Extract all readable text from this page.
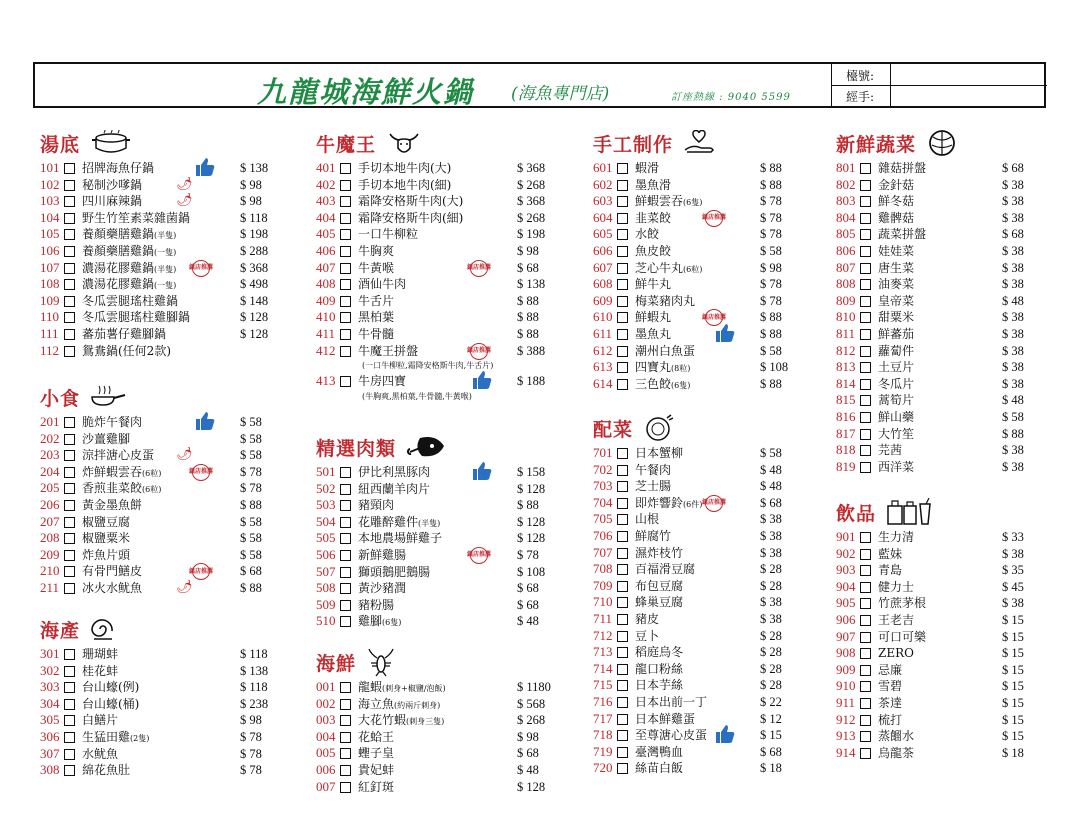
九龍城海鮮火鍋 (海魚專門店)	訂座熱線 : 9040 5599
檯號:
經手:
湯底
101 招牌海魚仔鍋	$ 138
102 秘制沙嗲鍋	🌶	$ 98
103 四川麻辣鍋	🌶	$ 98
104 野生竹笙素菜雜菌鍋	$ 118
105 養顏藥膳雞鍋(半隻)	$ 198
106 養顏藥膳雞鍋(一隻)	$ 288
107 濃湯花膠雞鍋(半隻) 鎮店推薦 $ 368
108 濃湯花膠雞鍋(一隻)	$ 498
109 冬瓜雲腿瑤柱雞鍋	$ 148
110 冬瓜雲腿瑤柱雞腳鍋	$ 128
111 蕃茄薯仔雞腳鍋	$ 128
112 鴛鴦鍋(任何2款)
小食
201 脆炸午餐肉	$ 58
202 沙薑雞腳	$ 58
203 涼拌溏心皮蛋 🌶	$ 58
204 炸鮮蝦雲吞(6粒)	鎮店推薦 $ 78
205 香煎韭菜餃(6粒)	$ 78
206 黃金墨魚餅	$ 88
207 椒鹽豆腐	$ 58
208 椒鹽粟米	$ 58
209 炸魚片頭	$ 58
210 有骨門鱔皮	鎮店推薦 $ 68
211 冰火水鱿魚	🌶	$ 88
海產
301 珊瑚蚌	$ 118
302 桂花蚌	$ 138
303 台山蠔(例)	$ 118
304 台山蠔(桶)	$ 238
305 白鱔片	$ 98
306 生猛田雞(2隻)	$ 78
307 水鱿魚	$ 78
308 綿花魚肚	$ 78
牛魔王
401 手切本地牛肉(大)	$ 368
402 手切本地牛肉(細)	$ 268
403 霜降安格斯牛肉(大)	$ 368
404 霜降安格斯牛肉(細)	$ 268
405 一口牛柳粒	$ 198
406 牛胸爽	$ 98
407 牛黃喉	鎮店推薦 $ 68
408 酒仙牛肉	$ 138
409 牛舌片	$ 88
410 黑柏葉	$ 88
411 牛骨髓	$ 88
412 牛魔王拼盤	鎮店推薦 $ 388
(一口牛柳粒,霜降安格斯牛肉,牛舌片)
413 牛房四寶	$ 188
(牛胸爽,黑柏葉,牛骨髓,牛黃喉)
精選肉類
501 伊比利黑豚肉	$ 158
502 紐西蘭羊肉片	$ 128
503 豬頸肉	$ 88
504 花雕醉雞件(半隻)	$ 128
505 本地農場鮮雞子	$ 128
506 新鮮雞腸	鎮店推薦 $ 78
507 獅頭鵝肥鵝腸	$ 108
508 黃沙豬潤	$ 68
509 豬粉腸	$ 68
510 雞腳(6隻)	$ 48
海鮮
001 龍蝦(刺身+椒鹽/泡飯)	$ 1180
002 海立魚(約兩斤刺身)	$ 568
003 大花竹蝦(刺身三隻)	$ 268
004 花蛤王	$ 98
005 蟶子皇	$ 68
006 貴妃蚌	$ 48
007 紅釘斑	$ 128
手工制作
601 蝦滑	$ 88
602 墨魚滑	$ 88
603 鮮蝦雲吞(6隻)	$ 78
604 韭菜餃	鎮店推薦	$ 78
605 水餃	$ 78
606 魚皮餃	$ 58
607 芝心牛丸(6粒)	$ 98
608 鮮牛丸	$ 78
609 梅菜豬肉丸	$ 78
610 鮮蝦丸	鎮店推薦	$ 88
611 墨魚丸	$ 88
612 潮州白魚蛋	$ 58
613 四寶丸(8粒)	$ 108
614 三色餃(6隻)	$ 88
配菜
701 日本蟹柳	$ 58
702 午餐肉	$ 48
703 芝士腸	$ 48
704 即炸響鈴(6件) 鎮店推薦	$ 68
705 山根	$ 38
706 鮮腐竹	$ 38
707 濕炸枝竹	$ 38
708 百福滑豆腐	$ 28
709 布包豆腐	$ 28
710 蜂巢豆腐	$ 38
711 豬皮	$ 38
712 豆卜	$ 28
713 稻庭烏冬	$ 28
714 龍口粉絲	$ 28
715 日本芋絲	$ 28
716 日本出前一丁	$ 22
717 日本鮮雞蛋	$ 12
718 至尊溏心皮蛋	$ 15
719 臺灣鴨血	$ 68
720 絲苗白飯	$ 18
新鮮蔬菜
801 雜菇拼盤	$ 68
802 金針菇	$ 38
803 鮮冬菇	$ 38
804 雞髀菇	$ 38
805 蔬菜拼盤	$ 68
806 娃娃菜	$ 38
807 唐生菜	$ 38
808 油麥菜	$ 38
809 皇帝菜	$ 48
810 甜粟米	$ 38
811 鮮蕃茄	$ 38
812 蘿蔔件	$ 38
813 土豆片	$ 38
814 冬瓜片	$ 38
815 蒿筍片	$ 48
816 鮮山藥	$ 58
817 大竹笙	$ 88
818 芫茜	$ 38
819 西洋菜	$ 38
飲品
901 生力清	$ 33
902 藍妹	$ 38
903 青島	$ 35
904 健力士	$ 45
905 竹蔗茅根	$ 38
906 王老吉	$ 15
907 可口可樂	$ 15
908 ZERO	$ 15
909 忌廉	$ 15
910 雪碧	$ 15
911 茶達	$ 15
912 梳打	$ 15
913 蒸餾水	$ 15
914 烏龍茶	$ 18
